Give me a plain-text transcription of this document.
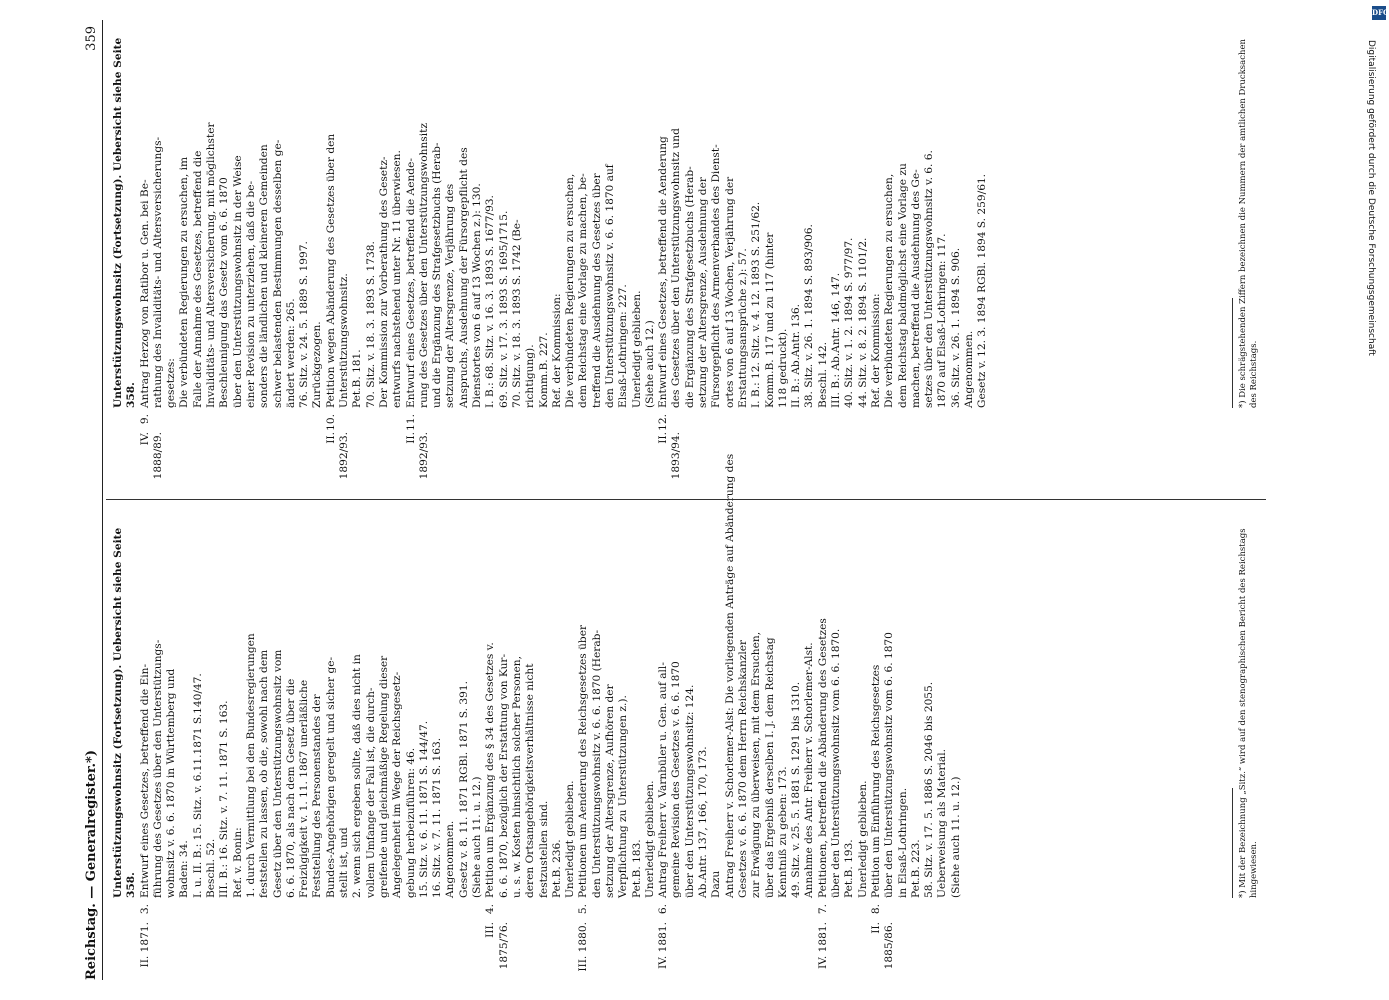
Reichstag. — Generalregister.*)
359
Unterstützungswohnsitz (Fortsetzung). Uebersicht siehe Seite 358.
II. 1871.
3.
Entwurf eines Gesetzes, betreffend die Ein- führung des Gesetzes über den Unterstützungs- wohnsitz v. 6. 6. 1870 in Württemberg und Baden: 34. I. u. II. B.: 15. Sitz. v. 6.11.1871 S.140/47. Beschl. 52. III. B.: 16. Sitz. v. 7. 11. 1871 S. 163. Ref. v. Bonin: 1. durch Vermittlung bei den Bundesregierungen feststellen zu lassen, ob die, sowohl nach dem Gesetz über den Unterstützungswohnsitz vom 6. 6. 1870, als nach dem Gesetz über die Freizügigkeit v. 1. 11. 1867 unerläßliche Feststellung des Personenstandes der Bundes-Angehörigen geregelt und sicher ge- stellt ist, und 2. wenn sich ergeben sollte, daß dies nicht in vollem Umfange der Fall ist, die durch- greifende und gleichmäßige Regelung dieser Angelegenheit im Wege der Reichsgesetz- gebung herbeizuführen: 46. 15. Sitz. v. 6. 11. 1871 S. 144/47. 16. Sitz. v. 7. 11. 1871 S. 163. Angenommen. Gesetz v. 8. 11. 1871 RGBl. 1871 S. 391. (Siehe auch 11. u. 12.)
III. 1875/76.
4.
Petition um Ergänzung des § 34 des Gesetzes v. 6. 6. 1870, bezüglich der Erstattung von Kur- u. s. w. Kosten hinsichtlich solcher Personen, deren Ortsangehörigkeitsverhältnisse nicht festzustellen sind. Pet.B. 236. Unerledigt geblieben.
III. 1880.
5.
Petitionen um Aenderung des Reichsgesetzes über den Unterstützungswohnsitz v. 6. 6. 1870 (Herab- setzung der Altersgrenze, Aufhören der Verpflichtung zu Unterstützungen z.). Pet.B. 183. Unerledigt geblieben.
IV. 1881.
6.
Antrag Freiherr v. Varnbüler u. Gen. auf all- gemeine Revision des Gesetzes v. 6. 6. 1870 über den Unterstützungswohnsitz: 124. Ab.Antr. 137, 166, 170, 173. Dazu Antrag Freiherr v. Schorlemer-Alst: Die vorliegenden Anträge auf Abänderung des Gesetzes v. 6. 6. 1870 dem Herrn Reichskanzler zur Erwägung zu überweisen, mit dem Ersuchen, über das Ergebniß derselben I. J. dem Reichstag Kenntniß zu geben: 173. 49. Sitz. v. 25. 5. 1881 S. 1291 bis 1310. Annahme des Antr. Freiherr v. Schorlemer-Alst.
IV. 1881.
7.
Petitionen, betreffend die Abänderung des Gesetzes über den Unterstützungswohnsitz vom 6. 6. 1870. Pet.B. 193. Unerledigt geblieben.
II. 1885/86.
8.
Petition um Einführung des Reichsgesetzes über den Unterstützungswohnsitz vom 6. 6. 1870 in Elsaß-Lothringen. Pet.B. 223. 58. Sitz. v. 17. 5. 1886 S. 2046 bis 2055. Ueberweisung als Material. (Siehe auch 11. u. 12.)
Unterstützungswohnsitz (Fortsetzung). Uebersicht siehe Seite 358.
IV. 1888/89.
9.
Antrag Herzog von Ratibor u. Gen. bei Be- rathung des Invaliditäts- und Altersversicherungs- gesetzes: Die verbündeten Regierungen zu ersuchen, im Falle der Annahme des Gesetzes, betreffend die Invaliditäts- und Altersversicherung, mit möglichster Beschleunigung das Gesetz vom 6. 6. 1870 über den Unterstützungswohnsitz in der Weise einer Revision zu unterziehen, daß die be- sonders die ländlichen und kleineren Gemeinden schwer belastenden Bestimmungen desselben ge- ändert werden: 265. 76. Sitz. v. 24. 5. 1889 S. 1997. Zurückgezogen.
II. 1892/93.
10.
Petition wegen Abänderung des Gesetzes über den Unterstützungswohnsitz. Pet.B. 181. 70. Sitz. v. 18. 3. 1893 S. 1738. Der Kommission zur Vorberathung des Gesetz- entwurfs nachstehend unter Nr. 11 überwiesen.
II. 1892/93.
11.
Entwurf eines Gesetzes, betreffend die Aende- rung des Gesetzes über den Unterstützungswohnsitz und die Ergänzung des Strafgesetzbuchs (Herab- setzung der Altersgrenze, Verjährung des Anspruchs, Ausdehnung der Fürsorgepflicht des Dienstortes von 6 auf 13 Wochen z.): 130. I. B.: 68. Sitz. v. 16. 3. 1893 S. 1677/93. 69. Sitz. v. 17. 3. 1893 S. 1695/1715. 70. Sitz. v. 18. 3. 1893 S. 1742 (Be- richtigung). Komm.B. 227. Ref. der Kommission: Die verbündeten Regierungen zu ersuchen, dem Reichstag eine Vorlage zu machen, be- treffend die Ausdehnung des Gesetzes über den Unterstützungswohnsitz v. 6. 6. 1870 auf Elsaß-Lothringen: 227. Unerledigt geblieben. (Siehe auch 12.)
II. 1893/94.
12.
Entwurf eines Gesetzes, betreffend die Aenderung des Gesetzes über den Unterstützungswohnsitz und die Ergänzung des Strafgesetzbuchs (Herab- setzung der Altersgrenze, Ausdehnung der Fürsorgepflicht des Armenverbandes des Dienst- ortes von 6 auf 13 Wochen, Verjährung der Erstattungsansprüche z.): 57. I. B.: 12. Sitz. v. 4. 12. 1893 S. 251/62. Komm.B. 117 und zu 117 (hinter 118 gedruckt). II. B.: Ab.Antr. 136. 38. Sitz. v. 26. 1. 1894 S. 893/906. Beschl. 142. III. B.: Ab.Antr. 146, 147. 40. Sitz. v. 1. 2. 1894 S. 977/97. 44. Sitz. v. 8. 2. 1894 S. 1101/2. Ref. der Kommission: Die verbündeten Regierungen zu ersuchen, dem Reichstag baldmöglichst eine Vorlage zu machen, betreffend die Ausdehnung des Ge- setzes über den Unterstützungswohnsitz v. 6. 6. 1870 auf Elsaß-Lothringen: 117. 36. Sitz. v. 26. 1. 1894 S. 906. Angenommen. Gesetz v. 12. 3. 1894 RGBl. 1894 S. 259/61.
*) Mit der Bezeichnung „Sitz.“ wird auf den stenographischen Bericht des Reichstags hingewiesen.
*) Die schrägstehenden Ziffern bezeichnen die Nummern der amtlichen Drucksachen des Reichstags.
DFG
Digitalisierung gefördert durch die Deutsche Forschungsgemeinschaft
